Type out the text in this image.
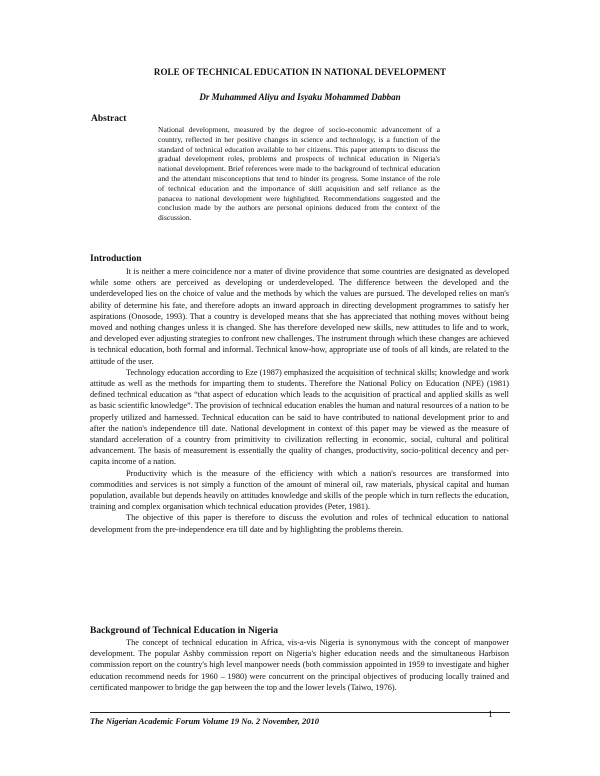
ROLE OF TECHNICAL EDUCATION IN NATIONAL DEVELOPMENT
Dr Muhammed Aliyu and Isyaku Mohammed Dabban
Abstract
National development, measured by the degree of socio-economic advancement of a country, reflected in her positive changes in science and technology, is a function of the standard of technical education available to her citizens. This paper attempts to discuss the gradual development roles, problems and prospects of technical education in Nigeria's national development. Brief references were made to the background of technical education and the attendant misconceptions that tend to hinder its progress. Some instance of the role of technical education and the importance of skill acquisition and self reliance as the panacea to national development were highlighted. Recommendations suggested and the conclusion made by the authors are personal opinions deduced from the context of the discussion.
Introduction

It is neither a mere coincidence nor a mater of divine providence that some countries are designated as developed while some others are perceived as developing or underdeveloped. The difference between the developed and the underdeveloped lies on the choice of value and the methods by which the values are pursued. The developed relies on man's ability of determine his fate, and therefore adopts an inward approach in directing development programmes to satisfy her aspirations (Onosode, 1993). That a country is developed means that she has appreciated that nothing moves without being moved and nothing changes unless it is changed. She has therefore developed new skills, new attitudes to life and to work, and developed ever adjusting strategies to confront new challenges. The instrument through which these changes are achieved is technical education, both formal and informal. Technical know-how, appropriate use of tools of all kinds, are related to the attitude of the user.

Technology education according to Eze (1987) emphasized the acquisition of technical skills; knowledge and work attitude as well as the methods for imparting them to students. Therefore the National Policy on Education (NPE) (1981) defined technical education as “that aspect of education which leads to the acquisition of practical and applied skills as well as basic scientific knowledge”. The provision of technical education enables the human and natural resources of a nation to be properly utilized and harnessed. Technical education can be said to have contributed to national development prior to and after the nation's independence till date. National development in context of this paper may be viewed as the measure of standard acceleration of a country from primitivity to civilization reflecting in economic, social, cultural and political advancement. The basis of measurement is essentially the quality of changes, productivity, socio-political decency and per-capita income of a nation.

Productivity which is the measure of the efficiency with which a nation's resources are transformed into commodities and services is not simply a function of the amount of mineral oil, raw materials, physical capital and human population, available but depends heavily on attitudes knowledge and skills of the people which in turn reflects the education, training and complex organisation which technical education provides (Peter, 1981).

The objective of this paper is therefore to discuss the evolution and roles of technical education to national development from the pre-independence era till date and by highlighting the problems therein.

Background of Technical Education in Nigeria

The concept of technical education in Africa, vis-a-vis Nigeria is synonymous with the concept of manpower development. The popular Ashby commission report on Nigeria's higher education needs and the simultaneous Harbison commission report on the country's high level manpower needs (both commission appointed in 1959 to investigate and higher education recommend needs for 1960 – 1980) were concurrent on the principal objectives of producing locally trained and certificated manpower to bridge the gap between the top and the lower levels (Taiwo, 1976).

The Nigerian Academic Forum Volume 19 No. 2 November, 2010
1
